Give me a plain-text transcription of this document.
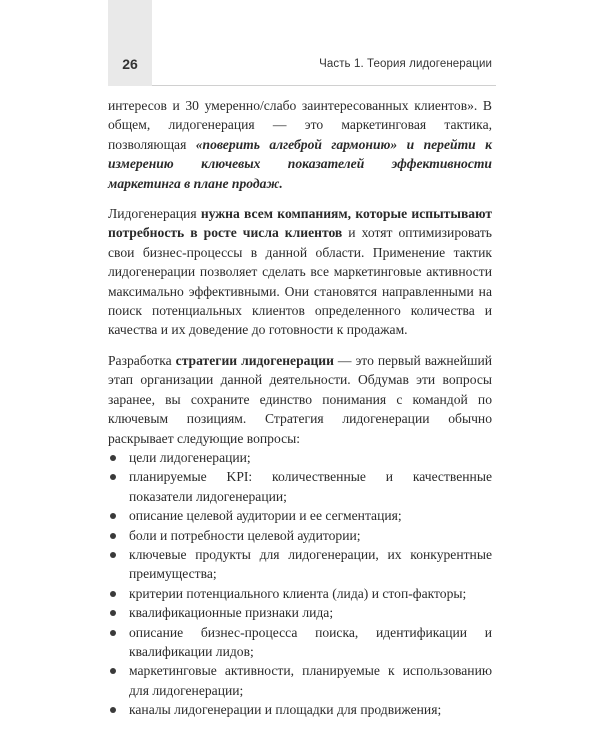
26	Часть 1. Теория лидогенерации

интересов и 30 умеренно/слабо заинтересованных клиентов». В общем, лидогенерация — это маркетинговая тактика, позволяющая «поверить алгеброй гармонию» и перейти к измерению ключевых показателей эффективности маркетинга в плане продаж.

Лидогенерация нужна всем компаниям, которые испытывают потребность в росте числа клиентов и хотят оптимизировать свои бизнес-процессы в данной области. Применение тактик лидогенерации позволяет сделать все маркетинговые активности максимально эффективными. Они становятся направленными на поиск потенциальных клиентов определенного количества и качества и их доведение до готовности к продажам.

Разработка стратегии лидогенерации — это первый важнейший этап организации данной деятельности. Обдумав эти вопросы заранее, вы сохраните единство понимания с командой по ключевым позициям. Стратегия лидогенерации обычно раскрывает следующие вопросы:

цели лидогенерации;
планируемые KPI: количественные и качественные показатели лидогенерации;
описание целевой аудитории и ее сегментация;
боли и потребности целевой аудитории;
ключевые продукты для лидогенерации, их конкурентные преимущества;
критерии потенциального клиента (лида) и стоп-факторы;
квалификационные признаки лида;
описание бизнес-процесса поиска, идентификации и квалификации лидов;
маркетинговые активности, планируемые к использованию для лидогенерации;
каналы лидогенерации и площадки для продвижения;
